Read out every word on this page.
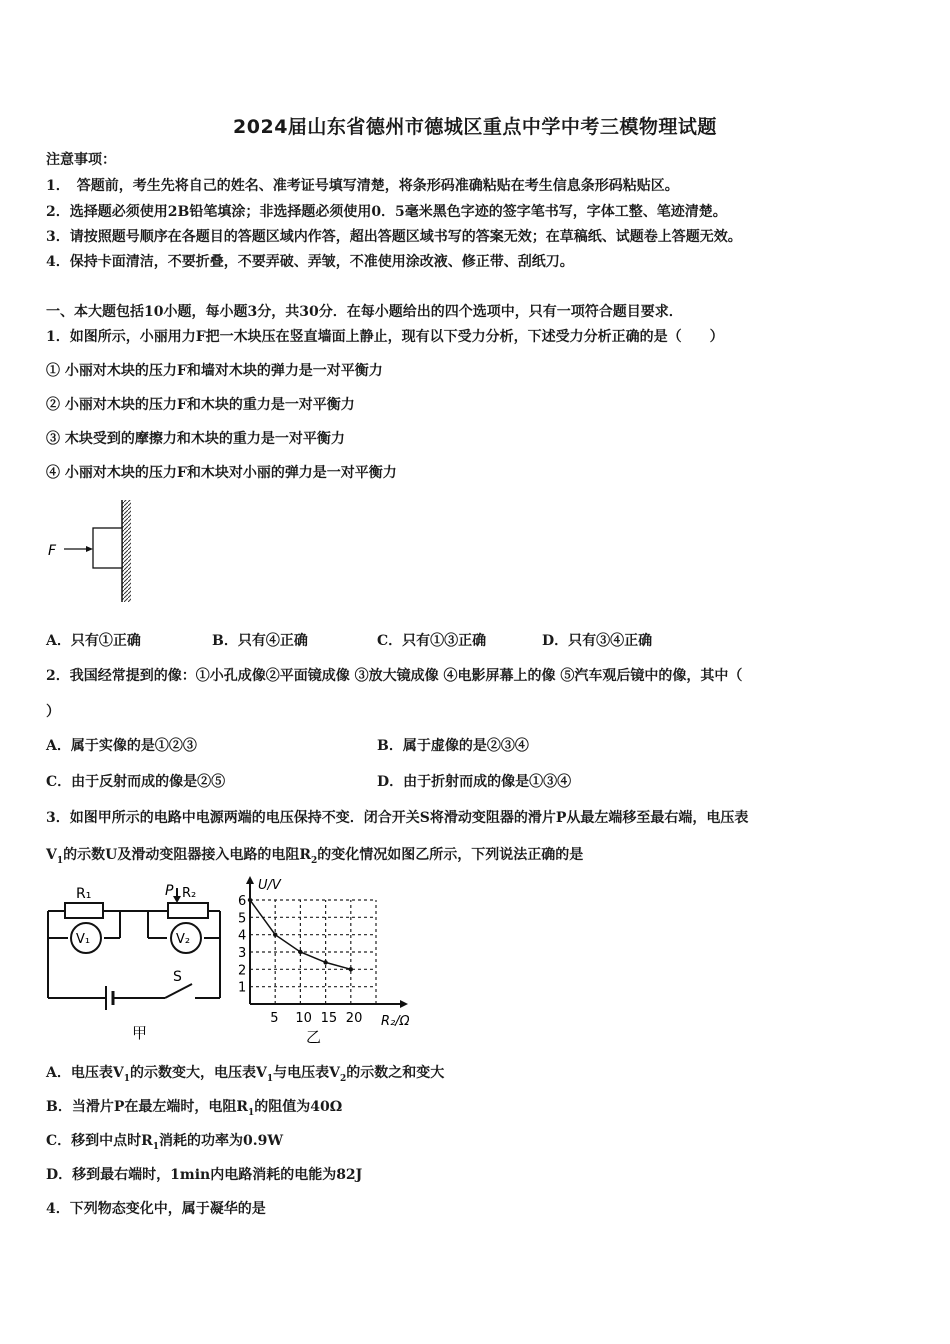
2024届山东省德州市德城区重点中学中考三模物理试题
注意事项：
1．　答题前，考生先将自己的姓名、准考证号填写清楚，将条形码准确粘贴在考生信息条形码粘贴区。
2．选择题必须使用2B铅笔填涂；非选择题必须使用0．5毫米黑色字迹的签字笔书写，字体工整、笔迹清楚。
3．请按照题号顺序在各题目的答题区域内作答，超出答题区域书写的答案无效；在草稿纸、试题卷上答题无效。
4．保持卡面清洁，不要折叠，不要弄破、弄皱，不准使用涂改液、修正带、刮纸刀。
一、本大题包括10小题，每小题3分，共30分．在每小题给出的四个选项中，只有一项符合题目要求．
1．如图所示，小丽用力F把一木块压在竖直墙面上静止，现有以下受力分析，下述受力分析正确的是（　　）
① 小丽对木块的压力F和墙对木块的弹力是一对平衡力
② 小丽对木块的压力F和木块的重力是一对平衡力
③ 木块受到的摩擦力和木块的重力是一对平衡力
④ 小丽对木块的压力F和木块对小丽的弹力是一对平衡力
F
A．只有①正确	B．只有④正确	C．只有①③正确	D．只有③④正确
2．我国经常提到的像：①小孔成像②平面镜成像 ③放大镜成像 ④电影屏幕上的像 ⑤汽车观后镜中的像，其中（
）
A．属于实像的是①②③	B．属于虚像的是②③④
C．由于反射而成的像是②⑤	D．由于折射而成的像是①③④
3．如图甲所示的电路中电源两端的电压保持不变．闭合开关S将滑动变阻器的滑片P从最左端移至最右端，电压表
$V_1$的示数U及滑动变阻器接入电路的电阻$R_2$的变化情况如图乙所示，下列说法正确的是
R₁	P R₂
V₁	V₂
S
甲
1
2
3
4
5
6
5 10 15 20
U/V
R₂/Ω
乙
A．电压表$V_1$的示数变大，电压表$V_1$与电压表$V_2$的示数之和变大
B．当滑片P在最左端时，电阻$R_1$的阻值为40Ω
C．移到中点时$R_1$消耗的功率为0.9W
D．移到最右端时，1min内电路消耗的电能为82J
4．下列物态变化中，属于凝华的是
